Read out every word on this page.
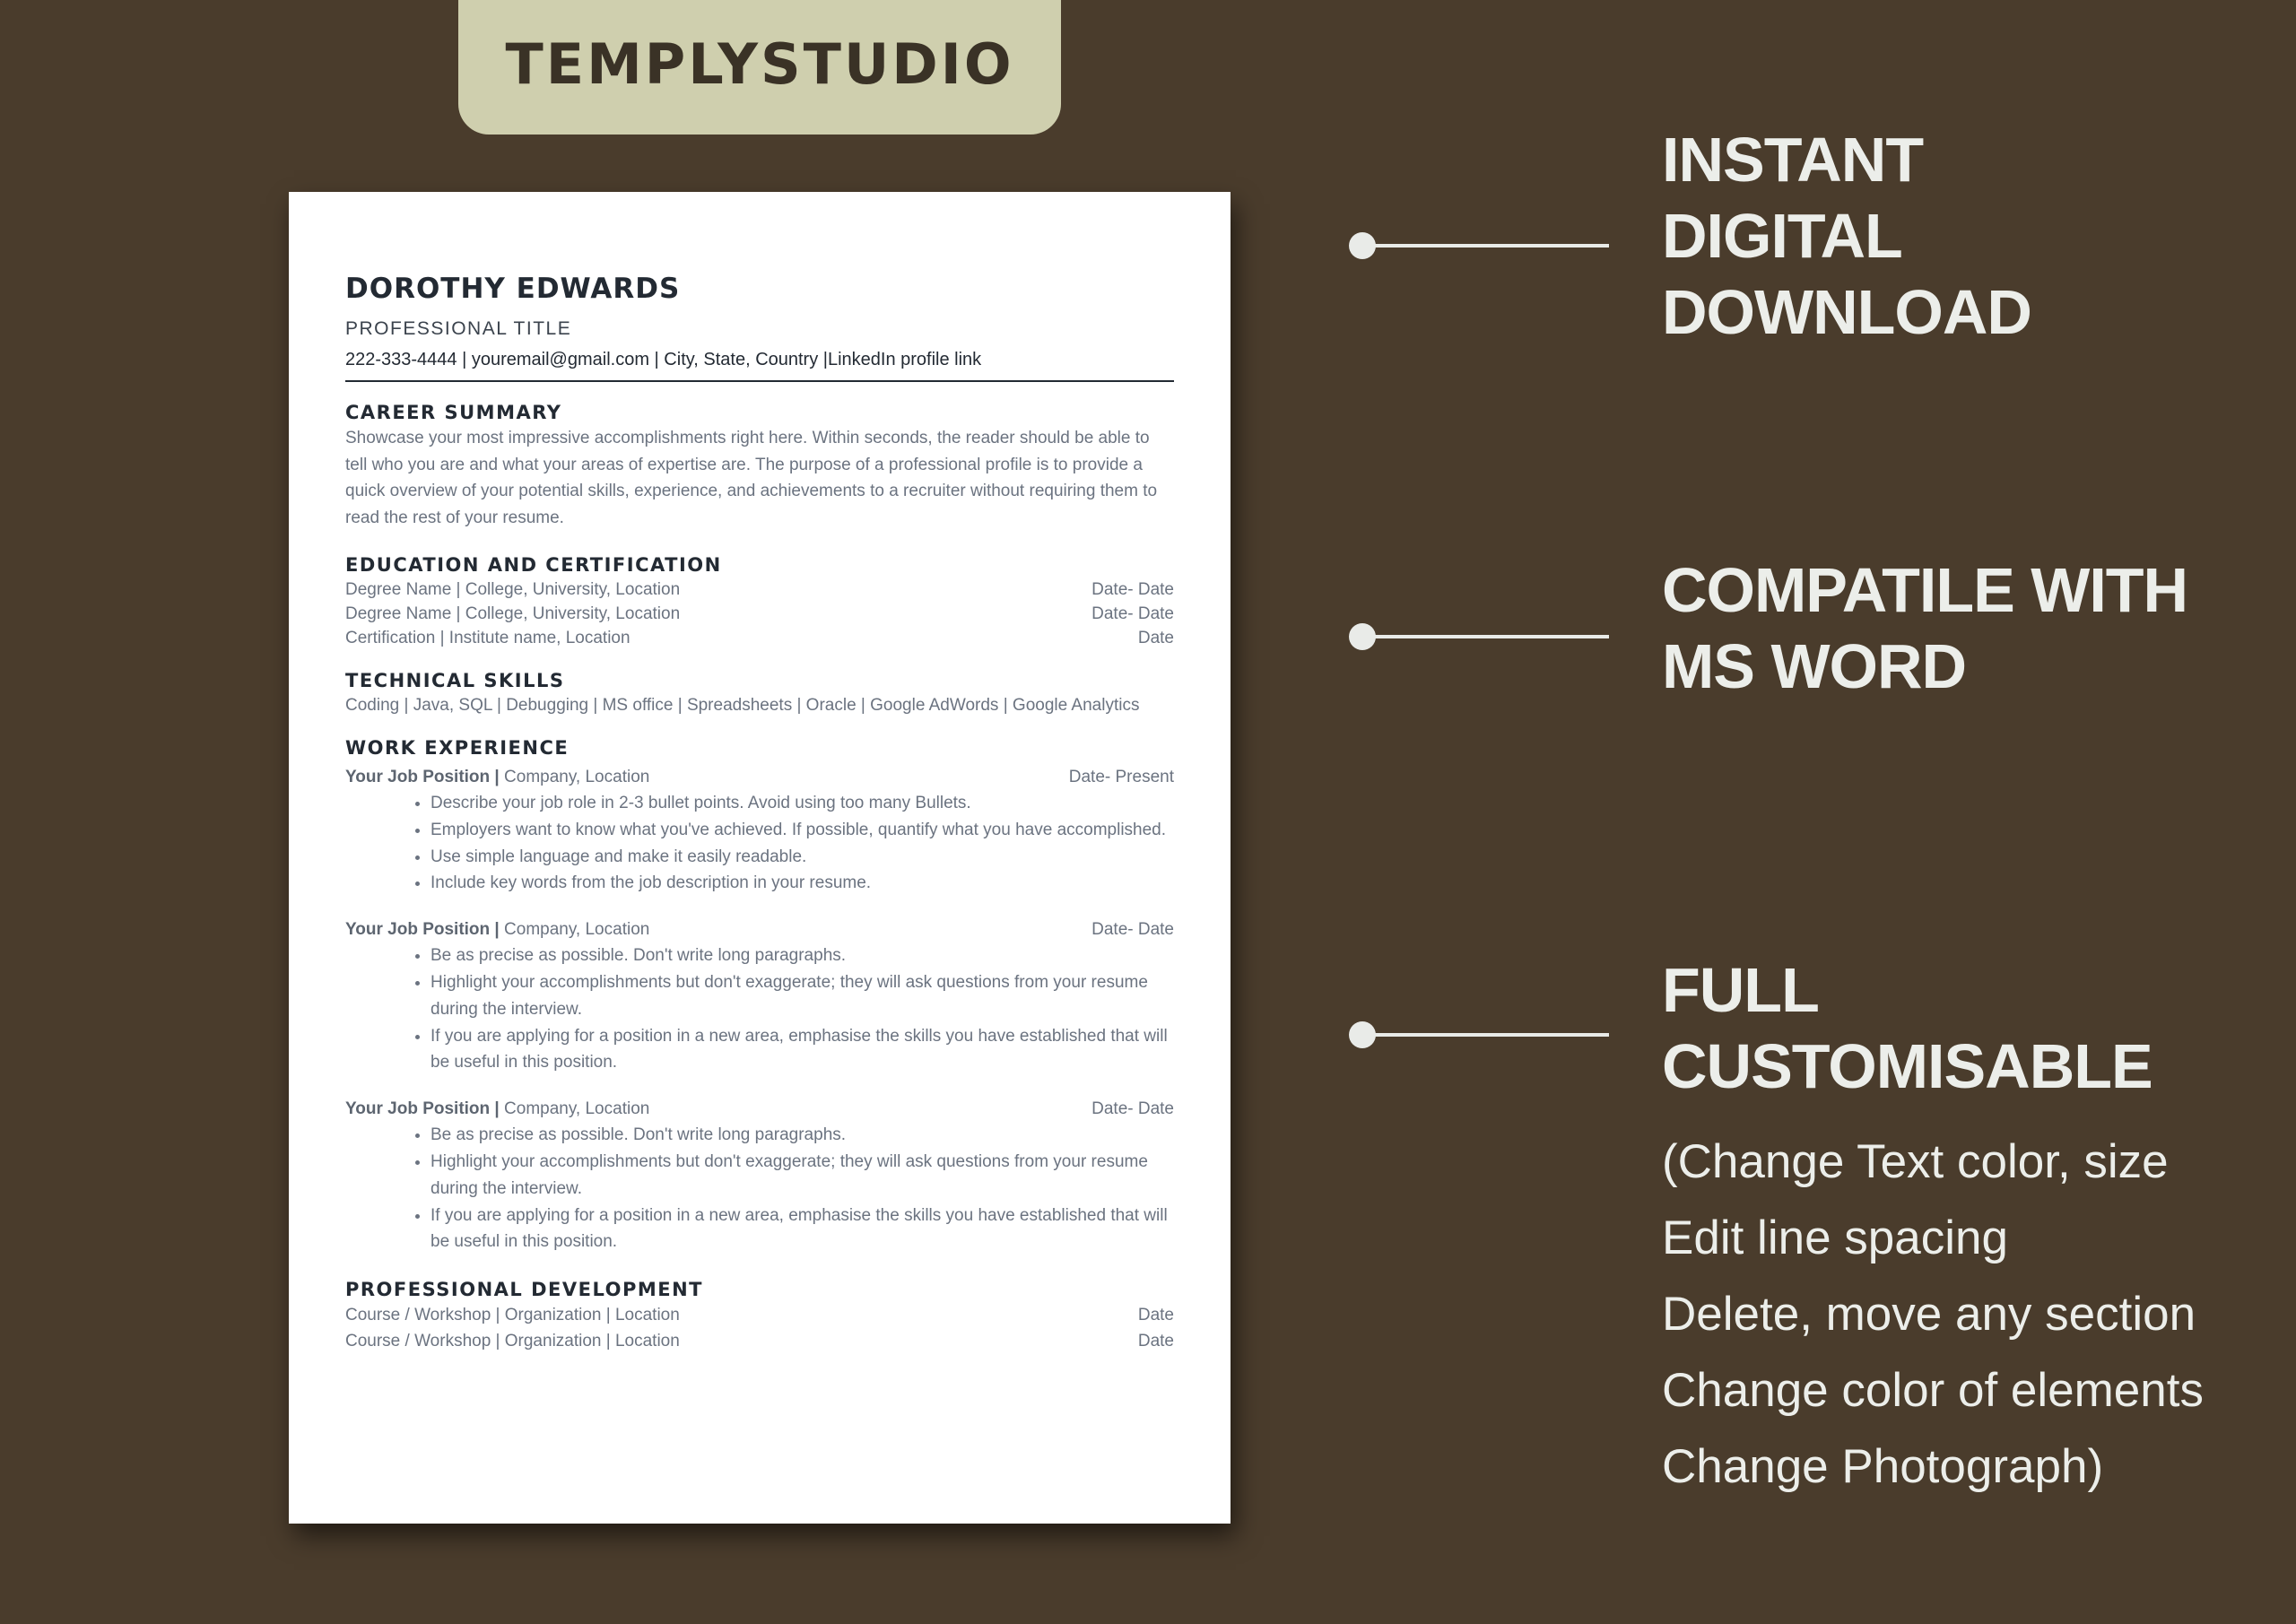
TEMPLYSTUDIO
DOROTHY EDWARDS
PROFESSIONAL TITLE
222-333-4444 | youremail@gmail.com | City, State, Country |LinkedIn profile link
CAREER SUMMARY
Showcase your most impressive accomplishments right here. Within seconds, the reader should be able to tell who you are and what your areas of expertise are. The purpose of a professional profile is to provide a quick overview of your potential skills, experience, and achievements to a recruiter without requiring them to read the rest of your resume.
EDUCATION AND CERTIFICATION
Degree Name | College, University, Location	Date- Date
Degree Name | College, University, Location	Date- Date
Certification | Institute name, Location	Date
TECHNICAL SKILLS
Coding | Java, SQL | Debugging | MS office | Spreadsheets | Oracle | Google AdWords | Google Analytics
WORK EXPERIENCE
Your Job Position | Company, Location	Date- Present
• Describe your job role in 2-3 bullet points. Avoid using too many Bullets.
• Employers want to know what you've achieved. If possible, quantify what you have accomplished.
• Use simple language and make it easily readable.
• Include key words from the job description in your resume.
Your Job Position | Company, Location	Date- Date
• Be as precise as possible. Don't write long paragraphs.
• Highlight your accomplishments but don't exaggerate; they will ask questions from your resume during the interview.
• If you are applying for a position in a new area, emphasise the skills you have established that will be useful in this position.
Your Job Position | Company, Location	Date- Date
• Be as precise as possible. Don't write long paragraphs.
• Highlight your accomplishments but don't exaggerate; they will ask questions from your resume during the interview.
• If you are applying for a position in a new area, emphasise the skills you have established that will be useful in this position.
PROFESSIONAL DEVELOPMENT
Course / Workshop | Organization | Location	Date
Course / Workshop | Organization | Location	Date
INSTANT
DIGITAL
DOWNLOAD
COMPATILE WITH
MS WORD
FULL
CUSTOMISABLE
(Change Text color, size
Edit line spacing
Delete, move any section
Change color of elements
Change Photograph)
